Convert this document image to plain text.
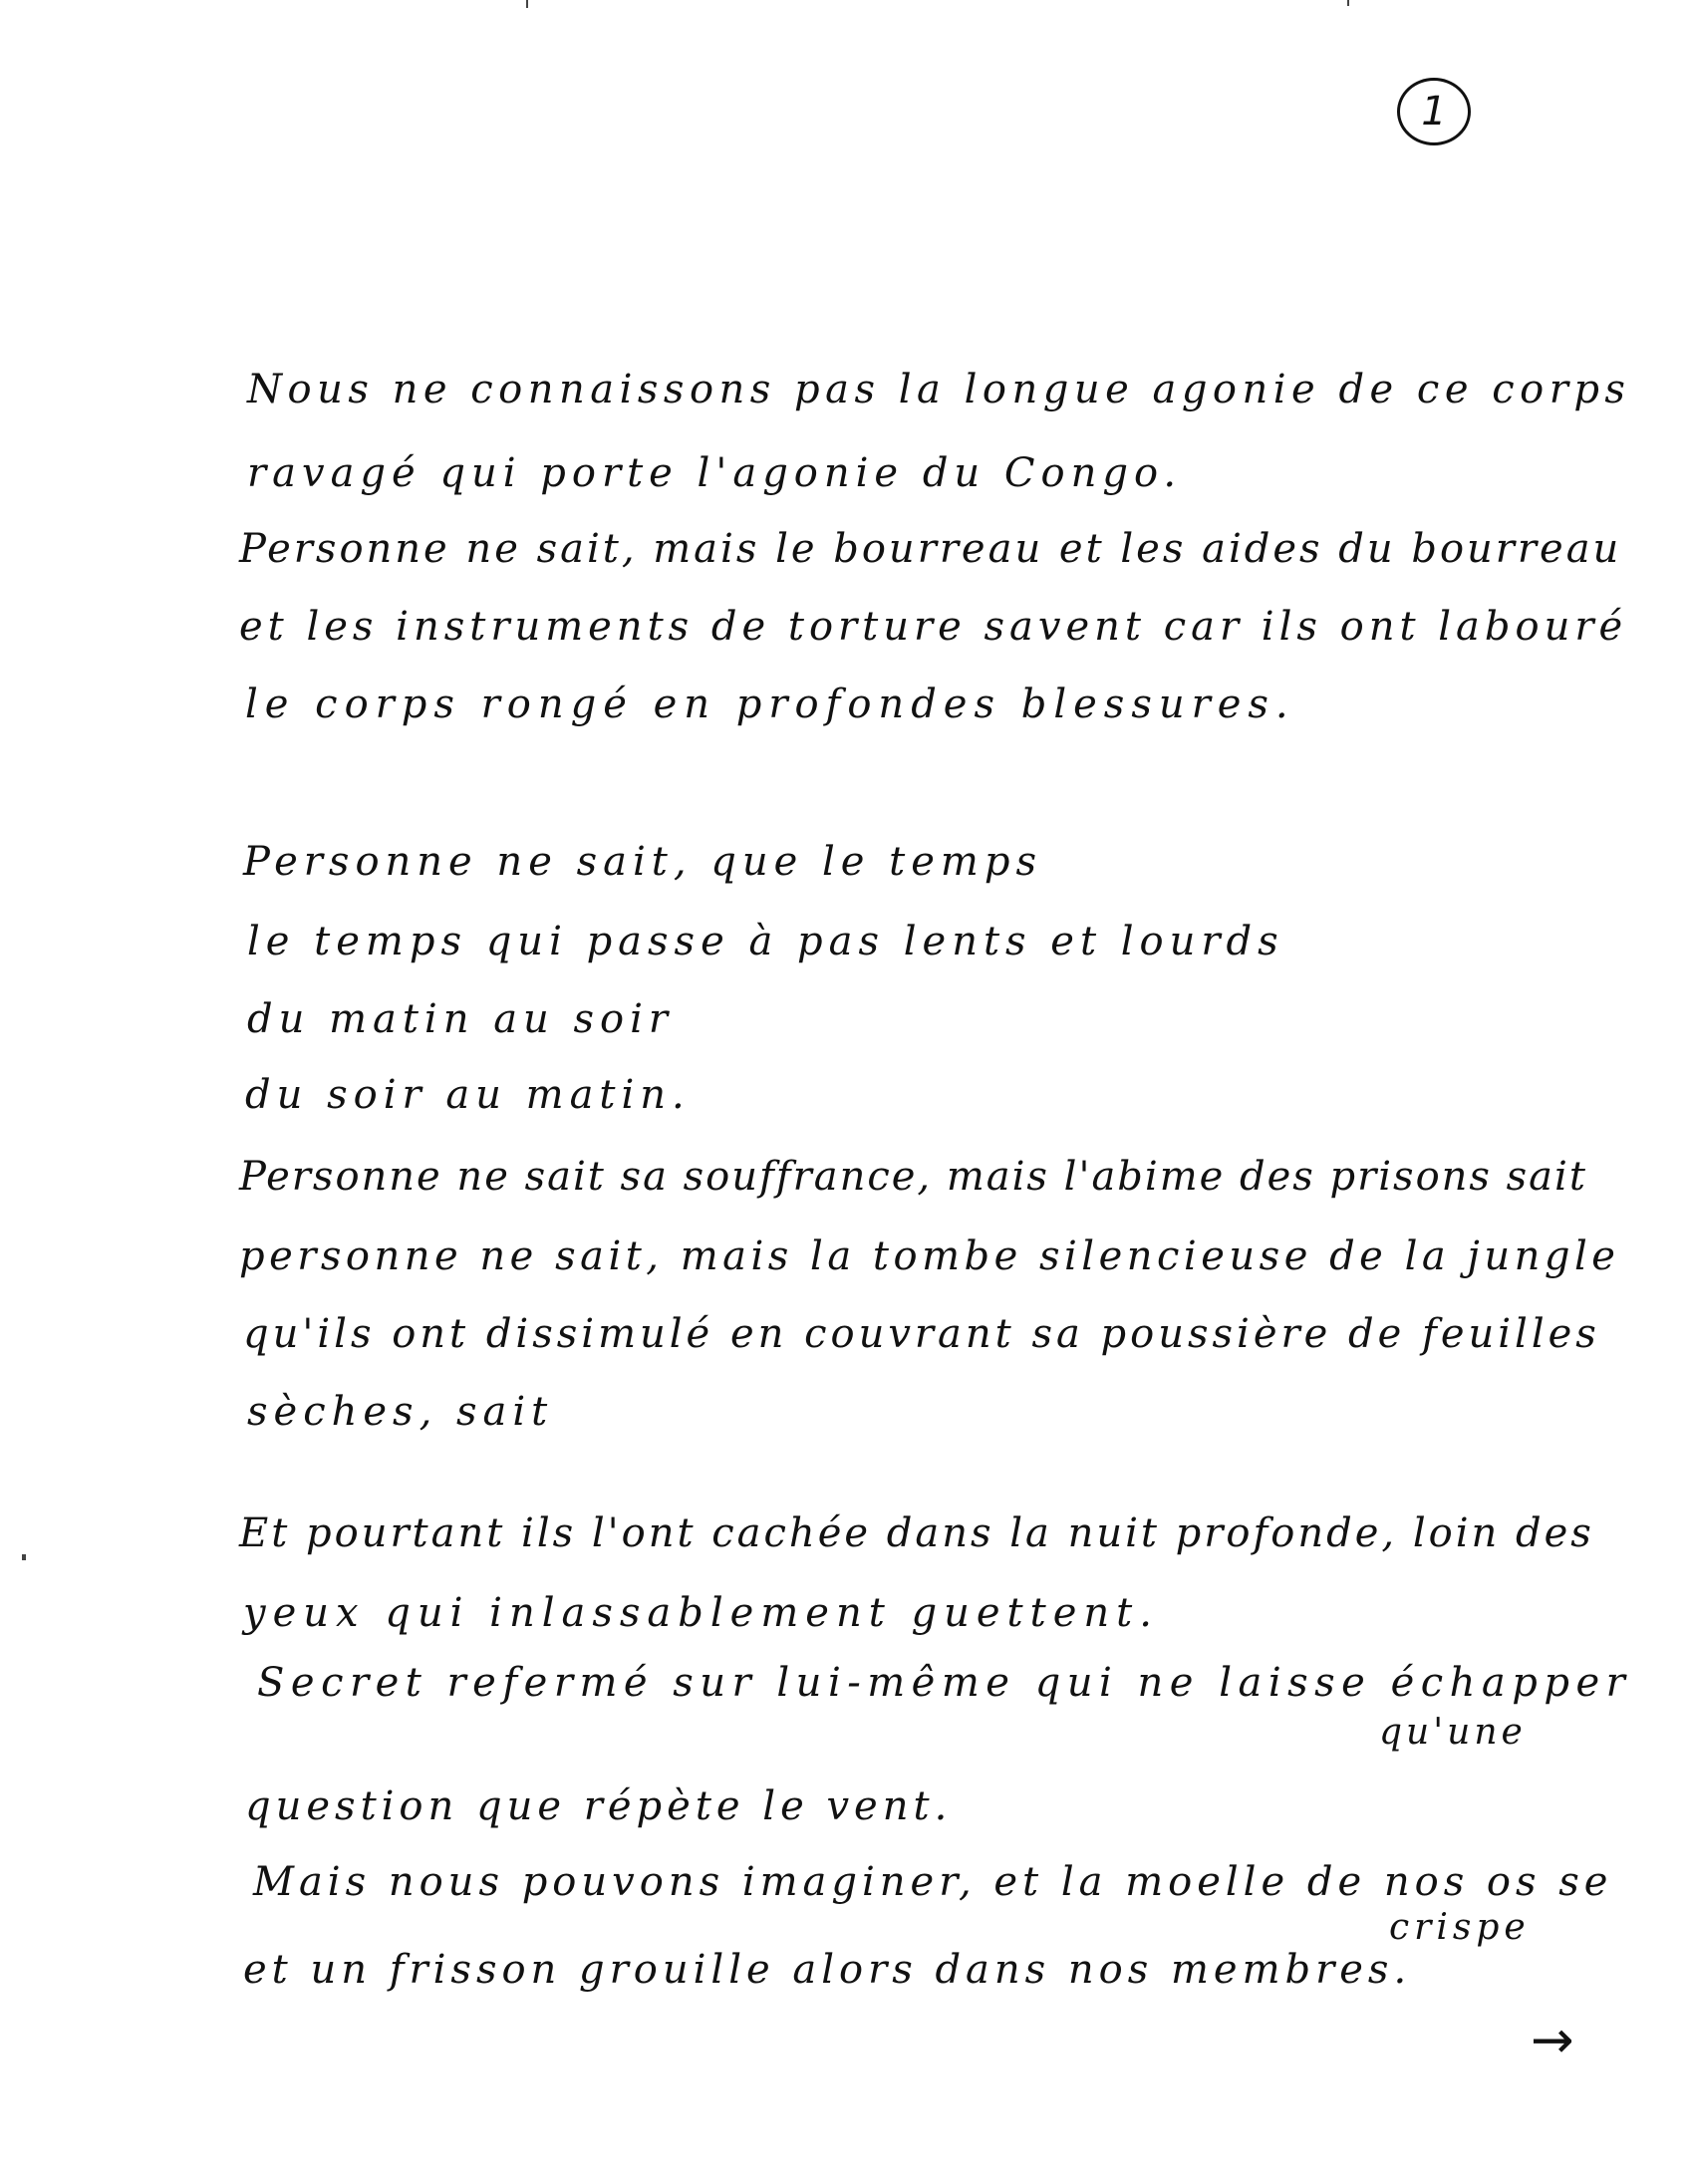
1
Nous ne connaissons pas la longue agonie de ce corps
ravagé qui porte l'agonie du Congo.
Personne ne sait, mais le bourreau et les aides du bourreau
et les instruments de torture savent car ils ont labouré
le corps rongé en profondes blessures.
Personne ne sait, que le temps
le temps qui passe à pas lents et lourds
du matin au soir
du soir au matin.
Personne ne sait sa souffrance, mais l'abime des prisons sait
personne ne sait, mais la tombe silencieuse de la jungle
qu'ils ont dissimulé en couvrant sa poussière de feuilles
sèches, sait
Et pourtant ils l'ont cachée dans la nuit profonde, loin des
yeux qui inlassablement guettent.
Secret refermé sur lui-même qui ne laisse échapper
qu'une
question que répète le vent.
Mais nous pouvons imaginer, et la moelle de nos os se
crispe
et un frisson grouille alors dans nos membres.
→
